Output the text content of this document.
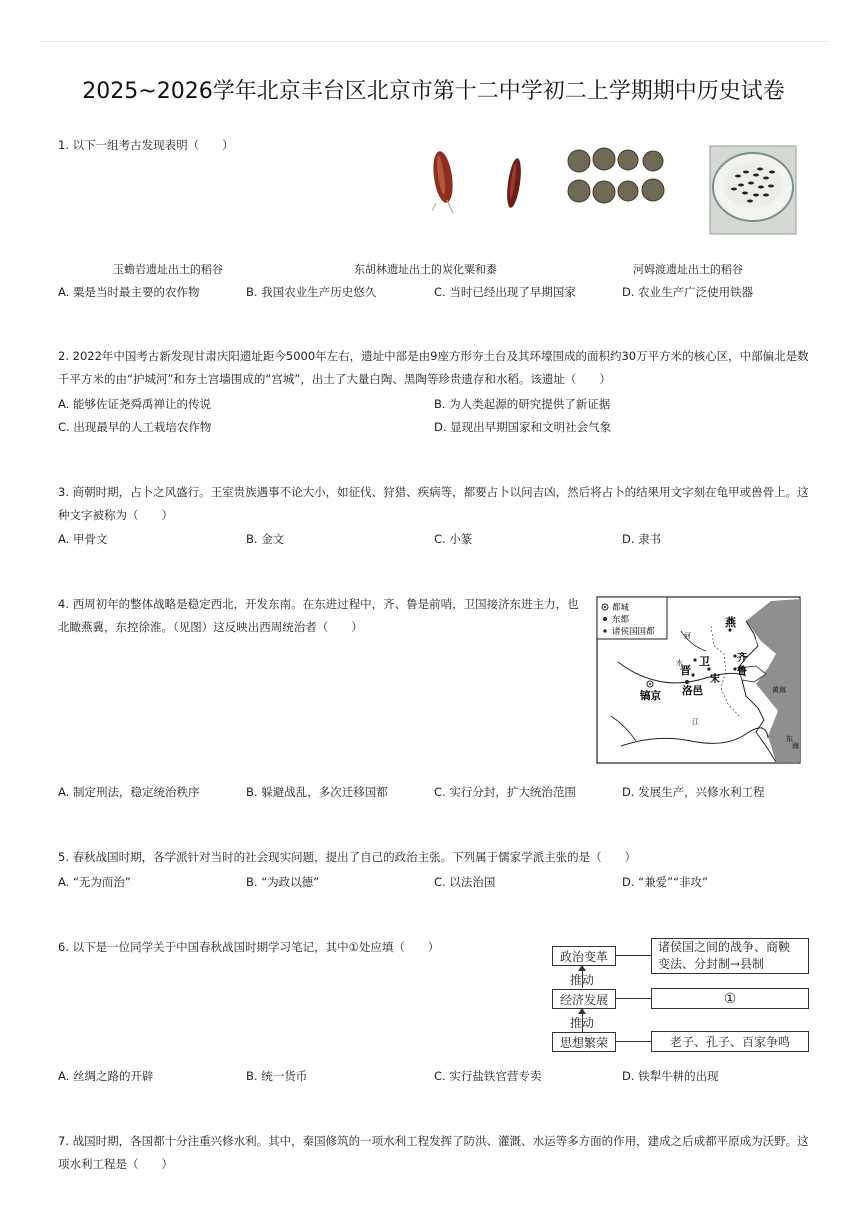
2025~2026学年北京丰台区北京市第十二中学初二上学期期中历史试卷
1. 以下一组考古发现表明（　　）
玉蟾岩遗址出土的稻谷	东胡林遗址出土的炭化粟和黍	河姆渡遗址出土的稻谷
A. 粟是当时最主要的农作物	B. 我国农业生产历史悠久	C. 当时已经出现了早期国家	D. 农业生产广泛使用铁器
2. 2022年中国考古新发现甘肃庆阳遗址距今5000年左右，遗址中部是由9座方形夯土台及其环壕围成的面积约30万平方米的核心区，中部偏北是数
千平方米的由“护城河”和夯土宫墙围成的“宫城”，出土了大量白陶、黑陶等珍贵遗存和水稻。该遗址（　　）
A. 能够佐证尧舜禹禅让的传说	B. 为人类起源的研究提供了新证据
C. 出现最早的人工栽培农作物	D. 显现出早期国家和文明社会气象
3. 商朝时期，占卜之风盛行。王室贵族遇事不论大小，如征伐、狩猎、疾病等，都要占卜以问吉凶，然后将占卜的结果用文字刻在龟甲或兽骨上。这
种文字被称为（　　）
A. 甲骨文	B. 金文	C. 小篆	D. 隶书
4. 西周初年的整体战略是稳定西北，开发东南。在东进过程中，齐、鲁是前哨，卫国接济东进主力，也
北瞰燕冀，东控徐淮。（见图）这反映出西周统治者（　　）
都城
东都
诸侯国国都
燕
卫
晋
宋
齐
鲁
镐京 洛邑
渤
海
黄 海
东
海
河
水
江
A. 制定刑法，稳定统治秩序	B. 躲避战乱，多次迁移国都	C. 实行分封，扩大统治范围	D. 发展生产，兴修水利工程
5. 春秋战国时期，各学派针对当时的社会现实问题，提出了自己的政治主张。下列属于儒家学派主张的是（　　）
A. “无为而治”	B. “为政以德”	C. 以法治国	D. “兼爱”“非攻”
6. 以下是一位同学关于中国春秋战国时期学习笔记，其中①处应填（　　）
推动
推动
政治变革
经济发展
思想繁荣
诸侯国之间的战争、商鞅
变法、分封制→县制
①
老子、孔子、百家争鸣
A. 丝绸之路的开辟	B. 统一货币	C. 实行盐铁官营专卖	D. 铁犁牛耕的出现
7. 战国时期，各国都十分注重兴修水利。其中，秦国修筑的一项水利工程发挥了防洪、灌溉、水运等多方面的作用，建成之后成都平原成为沃野。这
项水利工程是（　　）
